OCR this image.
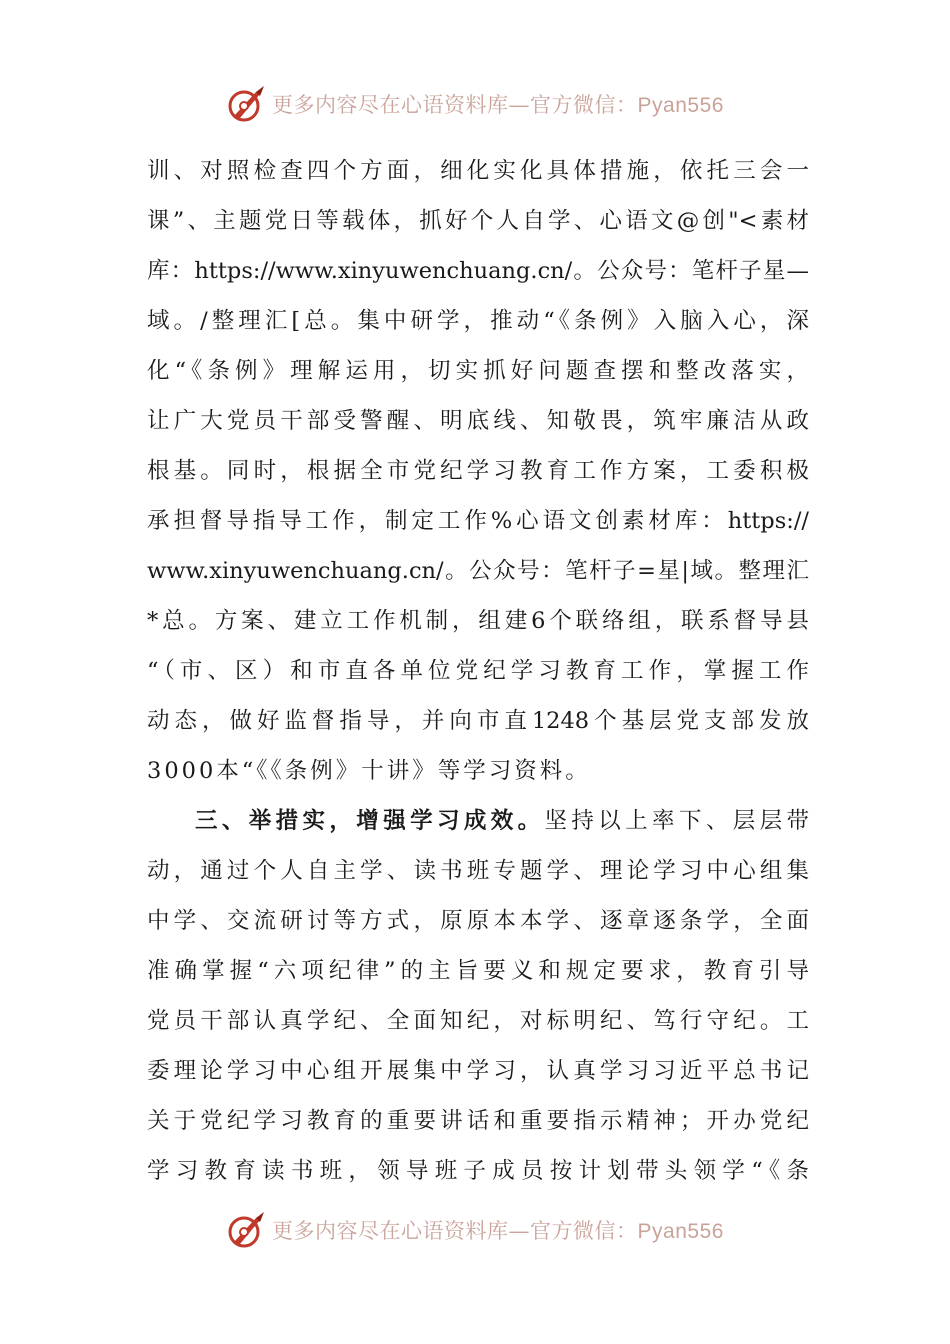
更多内容尽在心语资料库—官方微信：Pyan556
训、对照检查四个方面，细化实化具体措施，依托三会一
课”、主题党日等载体，抓好个人自学、心语文@创"<素材
库：https://www.xinyuwenchuang.cn/。公众号：笔杆子星—
域。/整理汇[总。集中研学，推动“《条例》入脑入心，深
化“《条例》理解运用，切实抓好问题查摆和整改落实，
让广大党员干部受警醒、明底线、知敬畏，筑牢廉洁从政
根基。同时，根据全市党纪学习教育工作方案，工委积极
承担督导指导工作，制定工作%心语文创素材库：https://
www.xinyuwenchuang.cn/。公众号：笔杆子=星|域。整理汇
*总。方案、建立工作机制，组建6个联络组，联系督导县
“（市、区）和市直各单位党纪学习教育工作，掌握工作
动态，做好监督指导，并向市直1248个基层党支部发放
3000本“《《条例》十讲》等学习资料。
三、举措实，增强学习成效。坚持以上率下、层层带
动，通过个人自主学、读书班专题学、理论学习中心组集
中学、交流研讨等方式，原原本本学、逐章逐条学，全面
准确掌握“六项纪律”的主旨要义和规定要求，教育引导
党员干部认真学纪、全面知纪，对标明纪、笃行守纪。工
委理论学习中心组开展集中学习，认真学习习近平总书记
关于党纪学习教育的重要讲话和重要指示精神；开办党纪
学习教育读书班，领导班子成员按计划带头领学“《条
更多内容尽在心语资料库—官方微信：Pyan556
